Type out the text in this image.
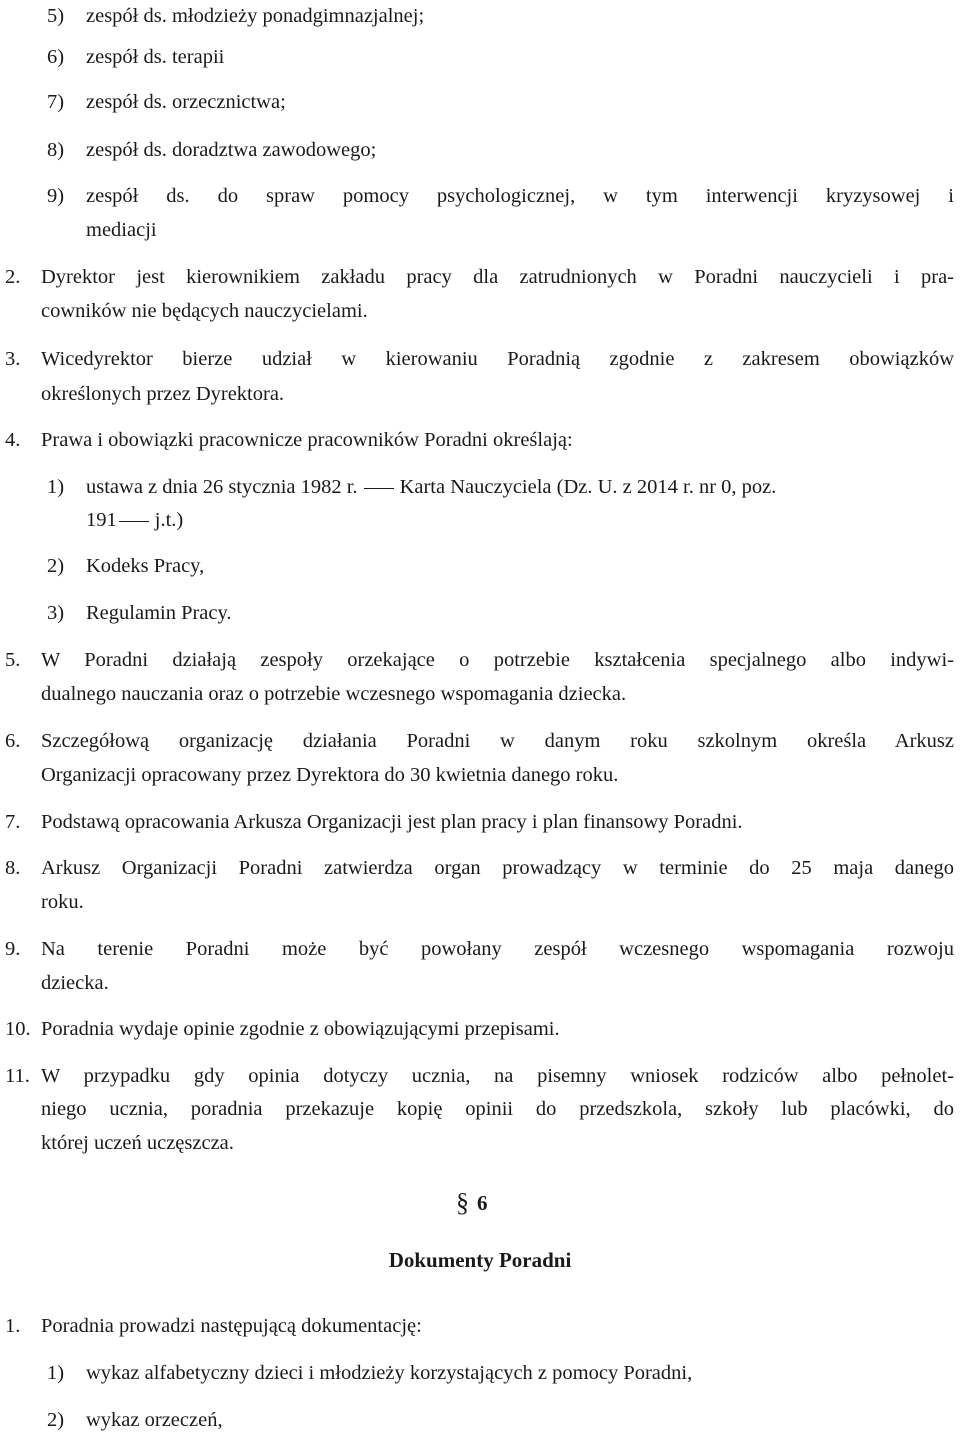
5) zespół ds. młodzieży ponadgimnazjalnej;
6) zespół ds. terapii
7) zespół ds. orzecznictwa;
8) zespół ds. doradztwa zawodowego;
9) zespół ds. do spraw pomocy psychologicznej, w tym interwencji kryzysowej i
mediacji
2. Dyrektor jest kierownikiem zakładu pracy dla zatrudnionych w Poradni nauczycieli i pra-
cowników nie będących nauczycielami.
3. Wicedyrektor bierze udział w kierowaniu Poradnią zgodnie z zakresem obowiązków
określonych przez Dyrektora.
4. Prawa i obowiązki pracownicze pracowników Poradni określają:
1) ustawa z dnia 26 stycznia 1982 r. Karta Nauczyciela (Dz. U. z 2014 r. nr 0, poz.
191 j.t.)
2) Kodeks Pracy,
3) Regulamin Pracy.
5. W Poradni działają zespoły orzekające o potrzebie kształcenia specjalnego albo indywi-
dualnego nauczania oraz o potrzebie wczesnego wspomagania dziecka.
6. Szczegółową organizację działania Poradni w danym roku szkolnym określa Arkusz
Organizacji opracowany przez Dyrektora do 30 kwietnia danego roku.
7. Podstawą opracowania Arkusza Organizacji jest plan pracy i plan finansowy Poradni.
8. Arkusz Organizacji Poradni zatwierdza organ prowadzący w terminie do 25 maja danego
roku.
9. Na terenie Poradni może być powołany zespół wczesnego wspomagania rozwoju
dziecka.
10. Poradnia wydaje opinie zgodnie z obowiązującymi przepisami.
11. W przypadku gdy opinia dotyczy ucznia, na pisemny wniosek rodziców albo pełnolet-
niego ucznia, poradnia przekazuje kopię opinii do przedszkola, szkoły lub placówki, do
której uczeń uczęszcza.
§ 6
Dokumenty Poradni
1. Poradnia prowadzi następującą dokumentację:
1) wykaz alfabetyczny dzieci i młodzieży korzystających z pomocy Poradni,
2) wykaz orzeczeń,
